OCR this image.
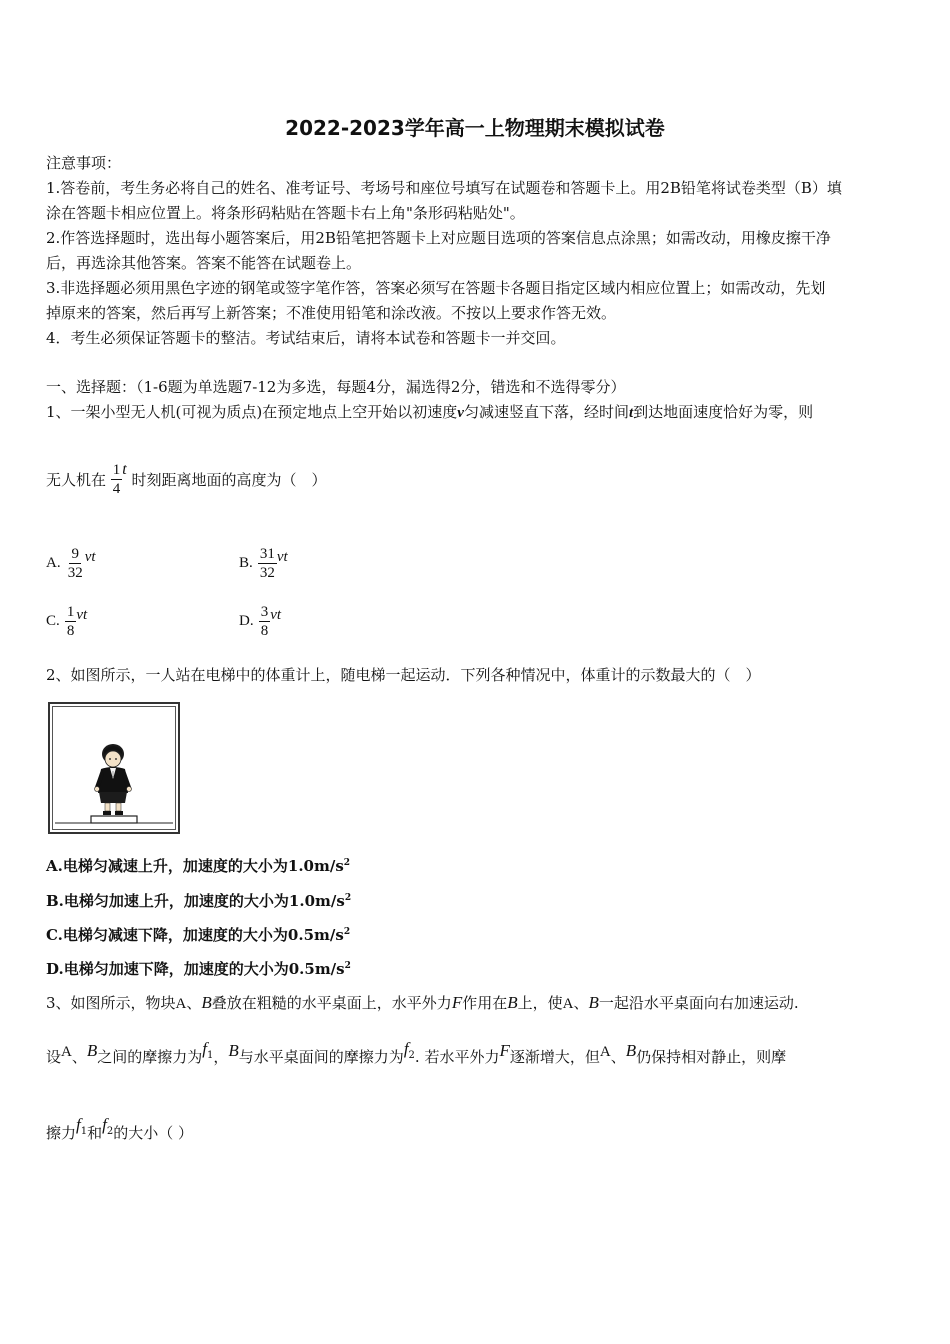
2022-2023学年高一上物理期末模拟试卷
注意事项：
1.答卷前，考生务必将自己的姓名、准考证号、考场号和座位号填写在试题卷和答题卡上。用2B铅笔将试卷类型（B）填
涂在答题卡相应位置上。将条形码粘贴在答题卡右上角"条形码粘贴处"。
2.作答选择题时，选出每小题答案后，用2B铅笔把答题卡上对应题目选项的答案信息点涂黑；如需改动，用橡皮擦干净
后，再选涂其他答案。答案不能答在试题卷上。
3.非选择题必须用黑色字迹的钢笔或签字笔作答，答案必须写在答题卡各题目指定区域内相应位置上；如需改动，先划
掉原来的答案，然后再写上新答案；不准使用铅笔和涂改液。不按以上要求作答无效。
4．考生必须保证答题卡的整洁。考试结束后，请将本试卷和答题卡一并交回。
一、选择题：（1-6题为单选题7-12为多选，每题4分，漏选得2分，错选和不选得零分）
1、一架小型无人机(可视为质点)在预定地点上空开始以初速度v匀减速竖直下落，经时间t到达地面速度恰好为零，则
无人机在 $\frac{1}{4}$ t 时刻距离地面的高度为（　）
A. $\frac{9}{32}$ vt	B. $\frac{31}{32}$ vt
C. $\frac{1}{8}$ vt	D. $\frac{3}{8}$ vt
2、如图所示，一人站在电梯中的体重计上，随电梯一起运动．下列各种情况中，体重计的示数最大的（　）
A.电梯匀减速上升，加速度的大小为$1.0m/s^2$
B.电梯匀加速上升，加速度的大小为$1.0m/s^2$
C.电梯匀减速下降，加速度的大小为$0.5m/s^2$
D.电梯匀加速下降，加速度的大小为$0.5m/s^2$
3、如图所示，物块A、B叠放在粗糙的水平桌面上，水平外力F作用在B上，使A、B一起沿水平桌面向右加速运动.
设A、B之间的摩擦力为$f_1$，B与水平桌面间的摩擦力为$f_2$. 若水平外力F逐渐增大，但A、B仍保持相对静止，则摩
擦力$f_1$和$f_2$的大小（ ）
